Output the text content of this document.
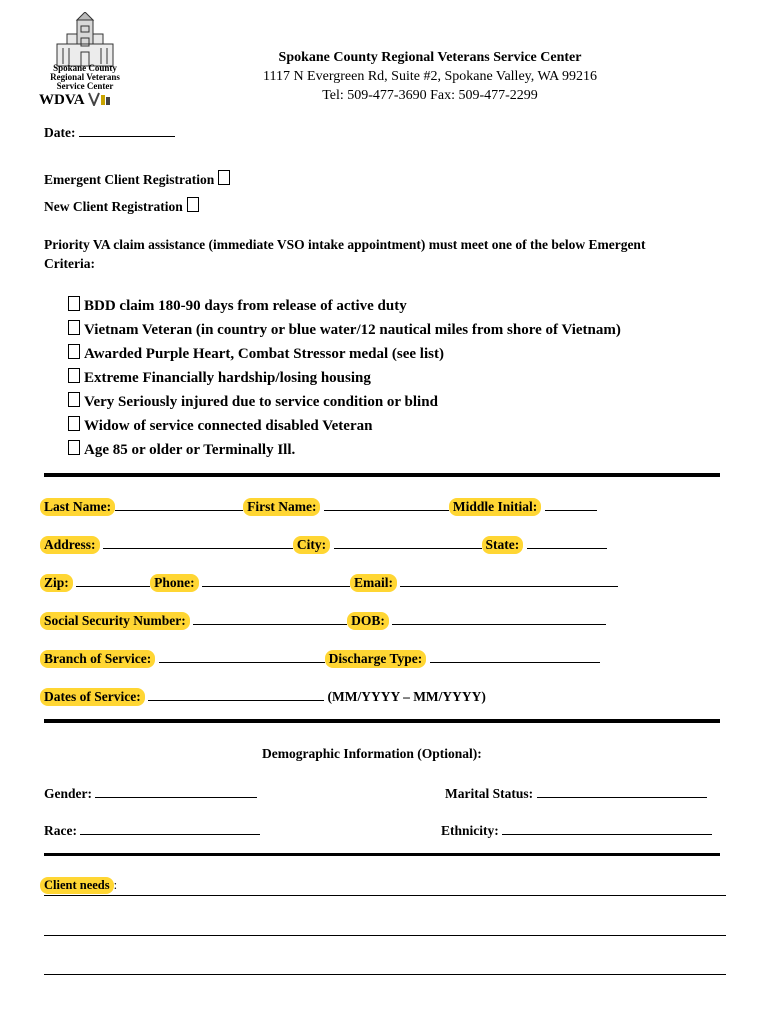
Spokane County
Regional Veterans
Service Center
WDVA
Spokane County Regional Veterans Service Center
1117 N Evergreen Rd, Suite #2, Spokane Valley, WA 99216
Tel: 509-477-3690 Fax: 509-477-2299
Date:
Emergent Client Registration
New Client Registration
Priority VA claim assistance (immediate VSO intake appointment) must meet one of the below Emergent
Criteria:
BDD claim 180-90 days from release of active duty
Vietnam Veteran (in country or blue water/12 nautical miles from shore of Vietnam)
Awarded Purple Heart, Combat Stressor medal (see list)
Extreme Financially hardship/losing housing
Very Seriously injured due to service condition or blind
Widow of service connected disabled Veteran
Age 85 or older or Terminally Ill.
Last Name:	First Name:	Middle Initial:
Address:	City:	State:
Zip:	Phone:	Email:
Social Security Number:	DOB:
Branch of Service:	Discharge Type:
Dates of Service:	(MM/YYYY – MM/YYYY)
Demographic Information (Optional):
Gender:	Marital Status:
Race:	Ethnicity:
Client needs :
